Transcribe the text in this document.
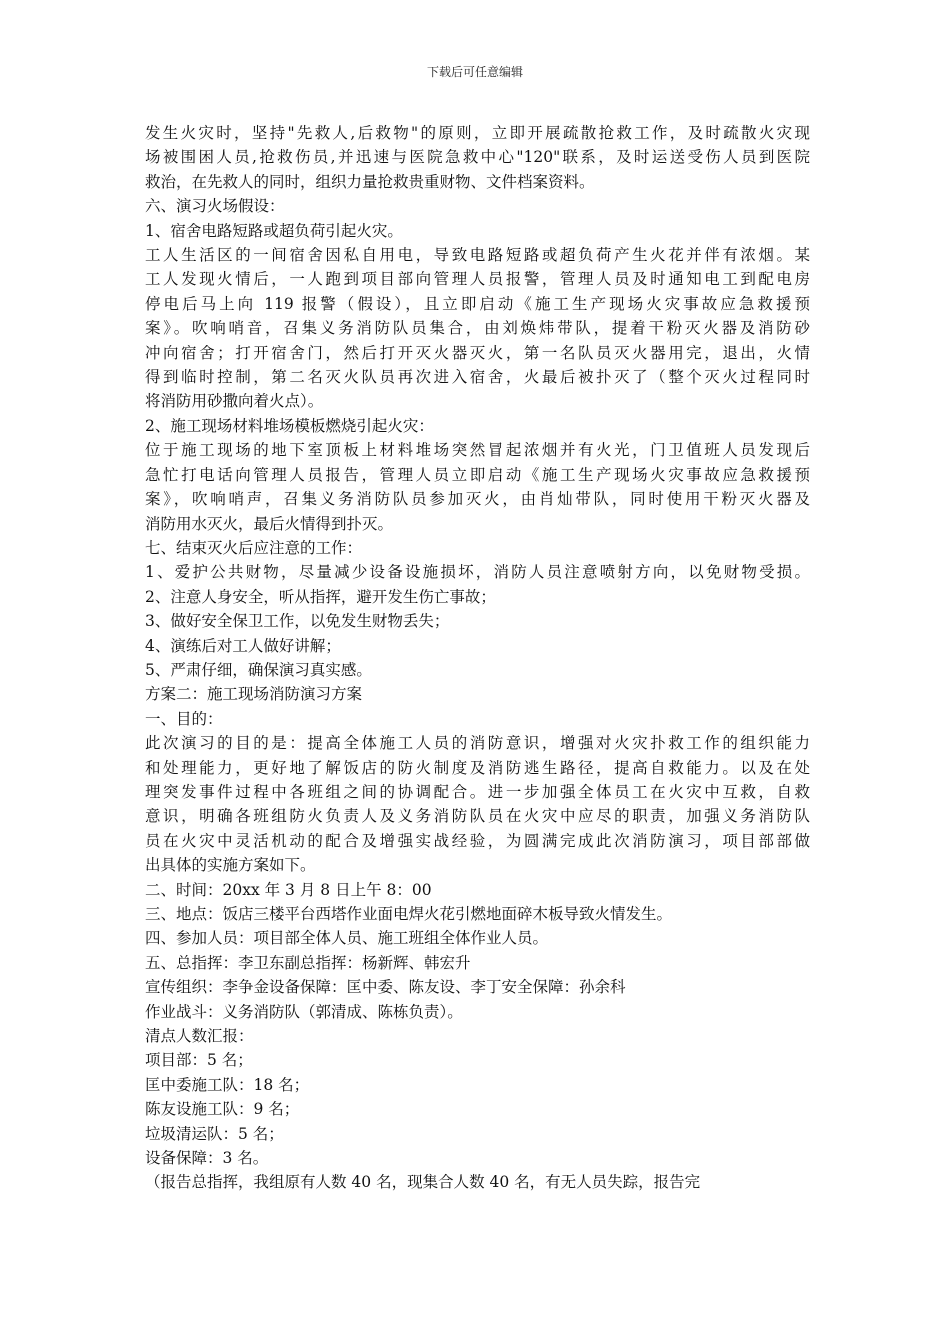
下载后可任意编辑
发生火灾时，坚持"先救人,后救物"的原则，立即开展疏散抢救工作，及时疏散火灾现
场被围困人员,抢救伤员,并迅速与医院急救中心"120"联系，及时运送受伤人员到医院
救治，在先救人的同时，组织力量抢救贵重财物、文件档案资料。
六、演习火场假设：
1、宿舍电路短路或超负荷引起火灾。
工人生活区的一间宿舍因私自用电，导致电路短路或超负荷产生火花并伴有浓烟。某
工人发现火情后，一人跑到项目部向管理人员报警，管理人员及时通知电工到配电房
停电后马上向 119 报警（假设），且立即启动《施工生产现场火灾事故应急救援预
案》。吹响哨音，召集义务消防队员集合，由刘焕炜带队，提着干粉灭火器及消防砂
冲向宿舍；打开宿舍门，然后打开灭火器灭火，第一名队员灭火器用完，退出，火情
得到临时控制，第二名灭火队员再次进入宿舍，火最后被扑灭了（整个灭火过程同时
将消防用砂撒向着火点）。
2、施工现场材料堆场模板燃烧引起火灾：
位于施工现场的地下室顶板上材料堆场突然冒起浓烟并有火光，门卫值班人员发现后
急忙打电话向管理人员报告，管理人员立即启动《施工生产现场火灾事故应急救援预
案》，吹响哨声，召集义务消防队员参加灭火，由肖灿带队，同时使用干粉灭火器及
消防用水灭火，最后火情得到扑灭。
七、结束灭火后应注意的工作：
1、爱护公共财物，尽量减少设备设施损坏，消防人员注意喷射方向，以免财物受损。
2、注意人身安全，听从指挥，避开发生伤亡事故；
3、做好安全保卫工作，以免发生财物丢失；
4、演练后对工人做好讲解；
5、严肃仔细，确保演习真实感。
方案二：施工现场消防演习方案
一、目的：
此次演习的目的是：提高全体施工人员的消防意识，增强对火灾扑救工作的组织能力
和处理能力，更好地了解饭店的防火制度及消防逃生路径，提高自救能力。以及在处
理突发事件过程中各班组之间的协调配合。进一步加强全体员工在火灾中互救，自救
意识，明确各班组防火负责人及义务消防队员在火灾中应尽的职责，加强义务消防队
员在火灾中灵活机动的配合及增强实战经验，为圆满完成此次消防演习，项目部部做
出具体的实施方案如下。
二、时间：20xx 年 3 月 8 日上午 8：00
三、地点：饭店三楼平台西塔作业面电焊火花引燃地面碎木板导致火情发生。
四、参加人员：项目部全体人员、施工班组全体作业人员。
五、总指挥：李卫东副总指挥：杨新辉、韩宏升
宣传组织：李争金设备保障：匡中委、陈友设、李丁安全保障：孙余科
作业战斗：义务消防队（郭清成、陈栋负责）。
清点人数汇报：
项目部：5 名；
匡中委施工队：18 名；
陈友设施工队：9 名；
垃圾清运队：5 名；
设备保障：3 名。
（报告总指挥，我组原有人数 40 名，现集合人数 40 名，有无人员失踪，报告完
